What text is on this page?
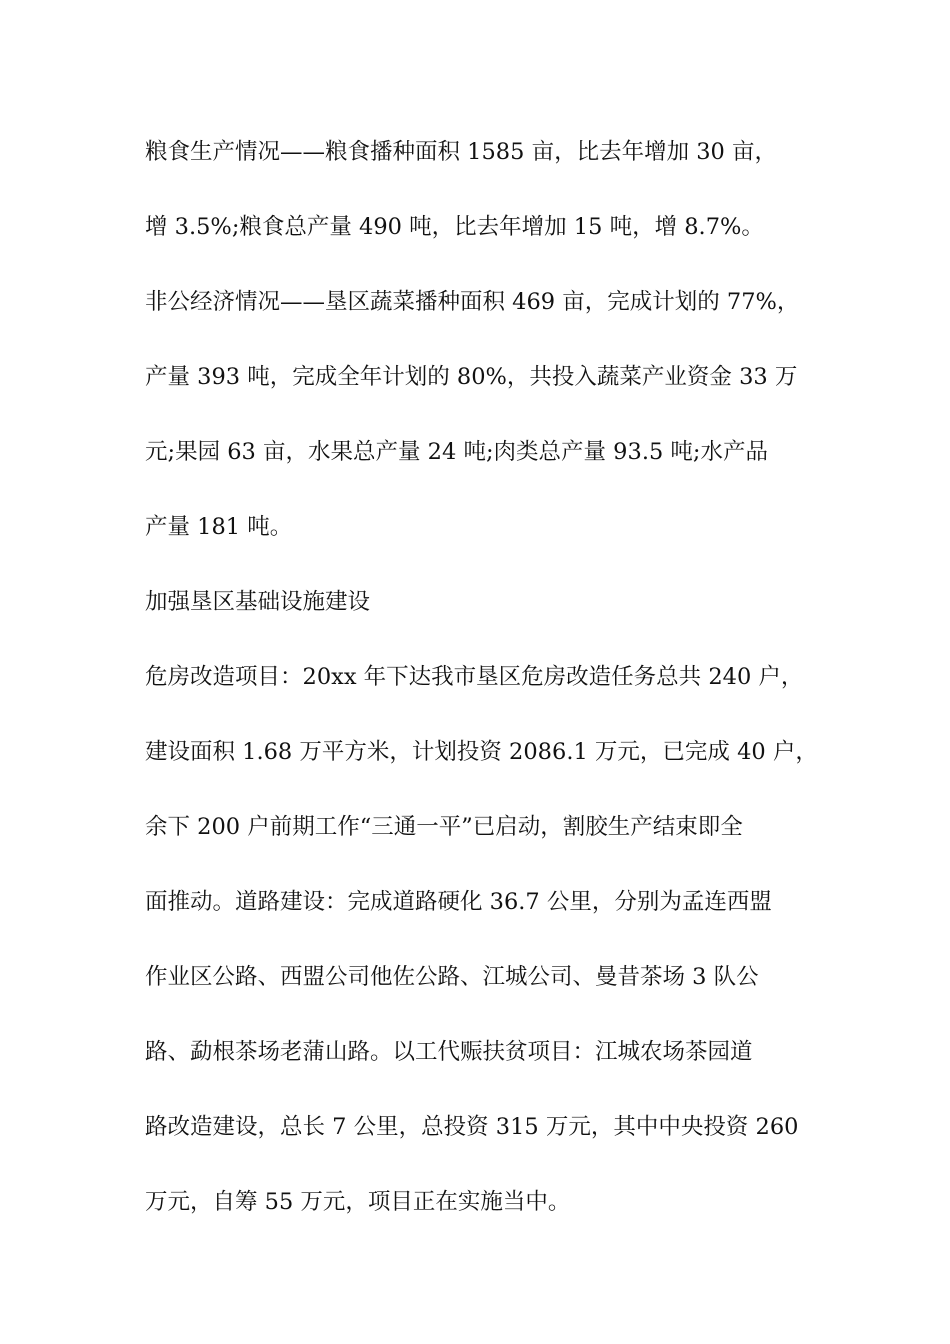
粮食生产情况——粮食播种面积 1585 亩，比去年增加 30 亩，
增 3.5%;粮食总产量 490 吨，比去年增加 15 吨，增 8.7%。
非公经济情况——垦区蔬菜播种面积 469 亩，完成计划的 77%，
产量 393 吨，完成全年计划的 80%，共投入蔬菜产业资金 33 万
元;果园 63 亩，水果总产量 24 吨;肉类总产量 93.5 吨;水产品
产量 181 吨。
加强垦区基础设施建设
危房改造项目：20xx 年下达我市垦区危房改造任务总共 240 户，
建设面积 1.68 万平方米，计划投资 2086.1 万元，已完成 40 户，
余下 200 户前期工作“三通一平”已启动，割胶生产结束即全
面推动。道路建设：完成道路硬化 36.7 公里，分别为孟连西盟
作业区公路、西盟公司他佐公路、江城公司、曼昔茶场 3 队公
路、勐根茶场老蒲山路。以工代赈扶贫项目：江城农场茶园道
路改造建设，总长 7 公里，总投资 315 万元，其中中央投资 260
万元，自筹 55 万元，项目正在实施当中。
